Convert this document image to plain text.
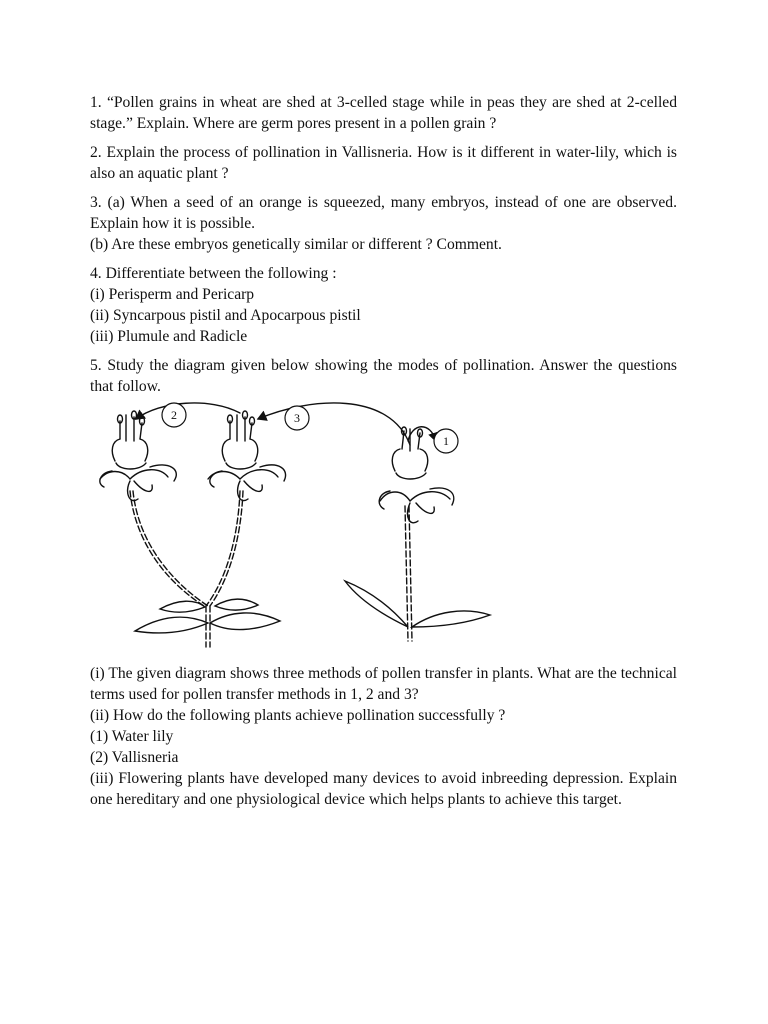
1. “Pollen grains in wheat are shed at 3-celled stage while in peas they are shed at 2-celled stage.” Explain. Where are germ pores present in a pollen grain ?

2. Explain the process of pollination in Vallisneria. How is it different in water-lily, which is also an aquatic plant ?

3. (a) When a seed of an orange is squeezed, many embryos, instead of one are observed. Explain how it is possible.
(b) Are these embryos genetically similar or different ? Comment.
4. Differentiate between the following :
(i) Perisperm and Pericarp
(ii) Syncarpous pistil and Apocarpous pistil
(iii) Plumule and Radicle

5. Study the diagram given below showing the modes of pollination. Answer the questions that follow.

2	3
1
(i) The given diagram shows three methods of pollen transfer in plants. What are the technical terms used for pollen transfer methods in 1, 2 and 3?
(ii) How do the following plants achieve pollination successfully ?
(1) Water lily
(2) Vallisneria
(iii) Flowering plants have developed many devices to avoid inbreeding depression. Explain one hereditary and one physiological device which helps plants to achieve this target.
